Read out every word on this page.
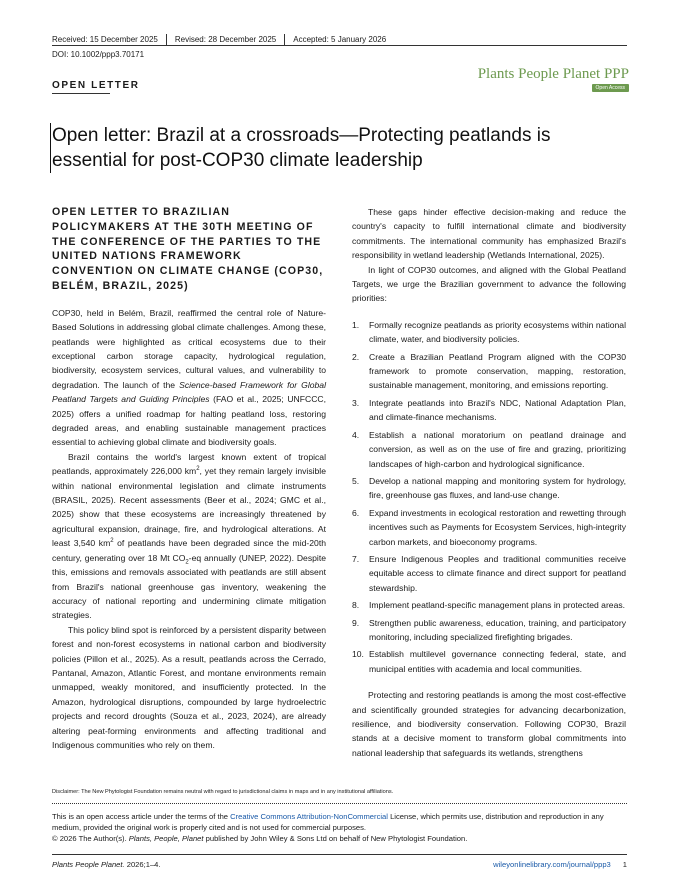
Received: 15 December 2025	Revised: 28 December 2025	Accepted: 5 January 2026
DOI: 10.1002/ppp3.70171
OPEN LETTER
Plants People Planet PPP
Open Access
Open letter: Brazil at a crossroads—Protecting peatlands is essential for post-COP30 climate leadership
OPEN LETTER TO BRAZILIAN POLICYMAKERS AT THE 30TH MEETING OF THE CONFERENCE OF THE PARTIES TO THE UNITED NATIONS FRAMEWORK CONVENTION ON CLIMATE CHANGE (COP30, BELÉM, BRAZIL, 2025)

COP30, held in Belém, Brazil, reaffirmed the central role of Nature-Based Solutions in addressing global climate challenges. Among these, peatlands were highlighted as critical ecosystems due to their exceptional carbon storage capacity, hydrological regulation, biodiversity, ecosystem services, cultural values, and vulnerability to degradation. The launch of the Science-based Framework for Global Peatland Targets and Guiding Principles (FAO et al., 2025; UNFCCC, 2025) offers a unified roadmap for halting peatland loss, restoring degraded areas, and enabling sustainable management practices essential to achieving global climate and biodiversity goals.

Brazil contains the world's largest known extent of tropical peatlands, approximately 226,000 $km^2$, yet they remain largely invisible within national environmental legislation and climate instruments (BRASIL, 2025). Recent assessments (Beer et al., 2024; GMC et al., 2025) show that these ecosystems are increasingly threatened by agricultural expansion, drainage, fire, and hydrological alterations. At least 3,540 $km^2$ of peatlands have been degraded since the mid-20th century, generating over 18 Mt $CO_2-eq$ annually (UNEP, 2022). Despite this, emissions and removals associated with peatlands are still absent from Brazil's national greenhouse gas inventory, weakening the accuracy of national reporting and undermining climate mitigation strategies.

This policy blind spot is reinforced by a persistent disparity between forest and non-forest ecosystems in national carbon and biodiversity policies (Pillon et al., 2025). As a result, peatlands across the Cerrado, Pantanal, Amazon, Atlantic Forest, and montane environments remain unmapped, weakly monitored, and insufficiently protected. In the Amazon, hydrological disruptions, compounded by large hydroelectric projects and record droughts (Souza et al., 2023, 2024), are already altering peat-forming environments and affecting traditional and Indigenous communities who rely on them.

These gaps hinder effective decision-making and reduce the country's capacity to fulfill international climate and biodiversity commitments. The international community has emphasized Brazil's responsibility in wetland leadership (Wetlands International, 2025).

In light of COP30 outcomes, and aligned with the Global Peatland Targets, we urge the Brazilian government to advance the following priorities:

1. Formally recognize peatlands as priority ecosystems within national climate, water, and biodiversity policies.
2. Create a Brazilian Peatland Program aligned with the COP30 framework to promote conservation, mapping, restoration, sustainable management, monitoring, and emissions reporting.
3. Integrate peatlands into Brazil's NDC, National Adaptation Plan, and climate-finance mechanisms.
4. Establish a national moratorium on peatland drainage and conversion, as well as on the use of fire and grazing, prioritizing landscapes of high-carbon and hydrological significance.
5. Develop a national mapping and monitoring system for hydrology, fire, greenhouse gas fluxes, and land-use change.
6. Expand investments in ecological restoration and rewetting through incentives such as Payments for Ecosystem Services, high-integrity carbon markets, and bioeconomy programs.
7. Ensure Indigenous Peoples and traditional communities receive equitable access to climate finance and direct support for peatland stewardship.
8. Implement peatland-specific management plans in protected areas.
9. Strengthen public awareness, education, training, and participatory monitoring, including specialized firefighting brigades.
10. Establish multilevel governance connecting federal, state, and municipal entities with academia and local communities.

Protecting and restoring peatlands is among the most cost-effective and scientifically grounded strategies for advancing decarbonization, resilience, and biodiversity conservation. Following COP30, Brazil stands at a decisive moment to transform global commitments into national leadership that safeguards its wetlands, strengthens

Disclaimer: The New Phytologist Foundation remains neutral with regard to jurisdictional claims in maps and in any institutional affiliations.
This is an open access article under the terms of the Creative Commons Attribution-NonCommercial License, which permits use, distribution and reproduction in any medium, provided the original work is properly cited and is not used for commercial purposes.
© 2026 The Author(s). Plants, People, Planet published by John Wiley & Sons Ltd on behalf of New Phytologist Foundation.
Plants People Planet. 2026;1–4.	wileyonlinelibrary.com/journal/ppp3 1
